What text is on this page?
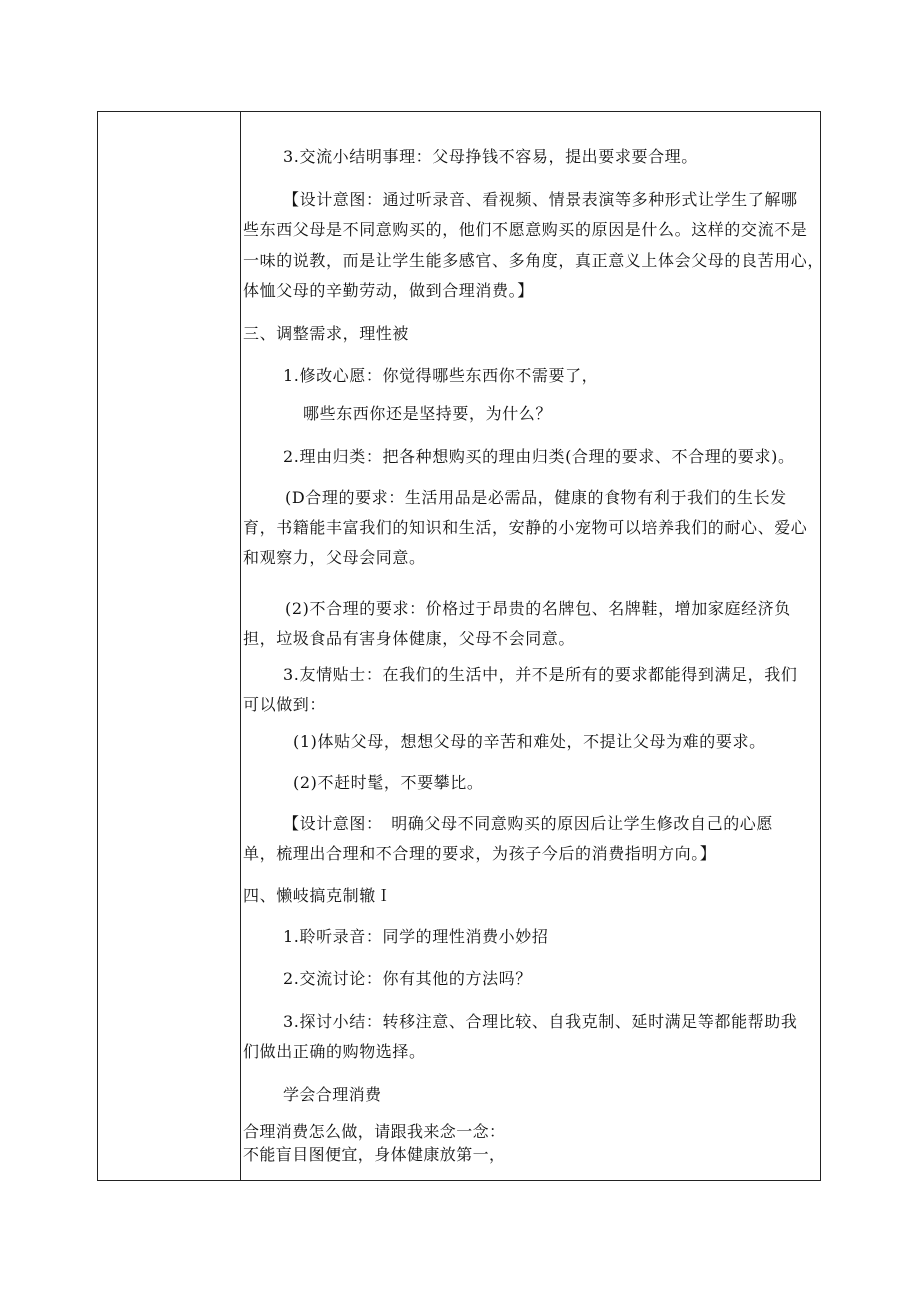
3.交流小结明事理：父母挣钱不容易，提出要求要合理。
【设计意图：通过听录音、看视频、情景表演等多种形式让学生了解哪
些东西父母是不同意购买的，他们不愿意购买的原因是什么。这样的交流不是
一味的说教，而是让学生能多感官、多角度，真正意义上体会父母的良苦用心，
体恤父母的辛勤劳动，做到合理消费。】
三、调整需求，理性被
1.修改心愿：你觉得哪些东西你不需要了，
哪些东西你还是坚持要，为什么？
2.理由归类：把各种想购买的理由归类(合理的要求、不合理的要求)。
(D合理的要求：生活用品是必需品，健康的食物有利于我们的生长发
育，书籍能丰富我们的知识和生活，安静的小宠物可以培养我们的耐心、爱心
和观察力，父母会同意。
(2)不合理的要求：价格过于昂贵的名牌包、名牌鞋，增加家庭经济负
担，垃圾食品有害身体健康，父母不会同意。
3.友情贴士：在我们的生活中，并不是所有的要求都能得到满足，我们
可以做到：
(1)体贴父母，想想父母的辛苦和难处，不提让父母为难的要求。
(2)不赶时髦，不要攀比。
【设计意图：　明确父母不同意购买的原因后让学生修改自己的心愿
单，梳理出合理和不合理的要求，为孩子今后的消费指明方向。】
四、懒岐搞克制辙Ｉ
1.聆听录音：同学的理性消费小妙招
2.交流讨论：你有其他的方法吗？
3.探讨小结：转移注意、合理比较、自我克制、延时满足等都能帮助我
们做出正确的购物选择。
学会合理消费
合理消费怎么做，请跟我来念一念：
不能盲目图便宜，身体健康放第一，
